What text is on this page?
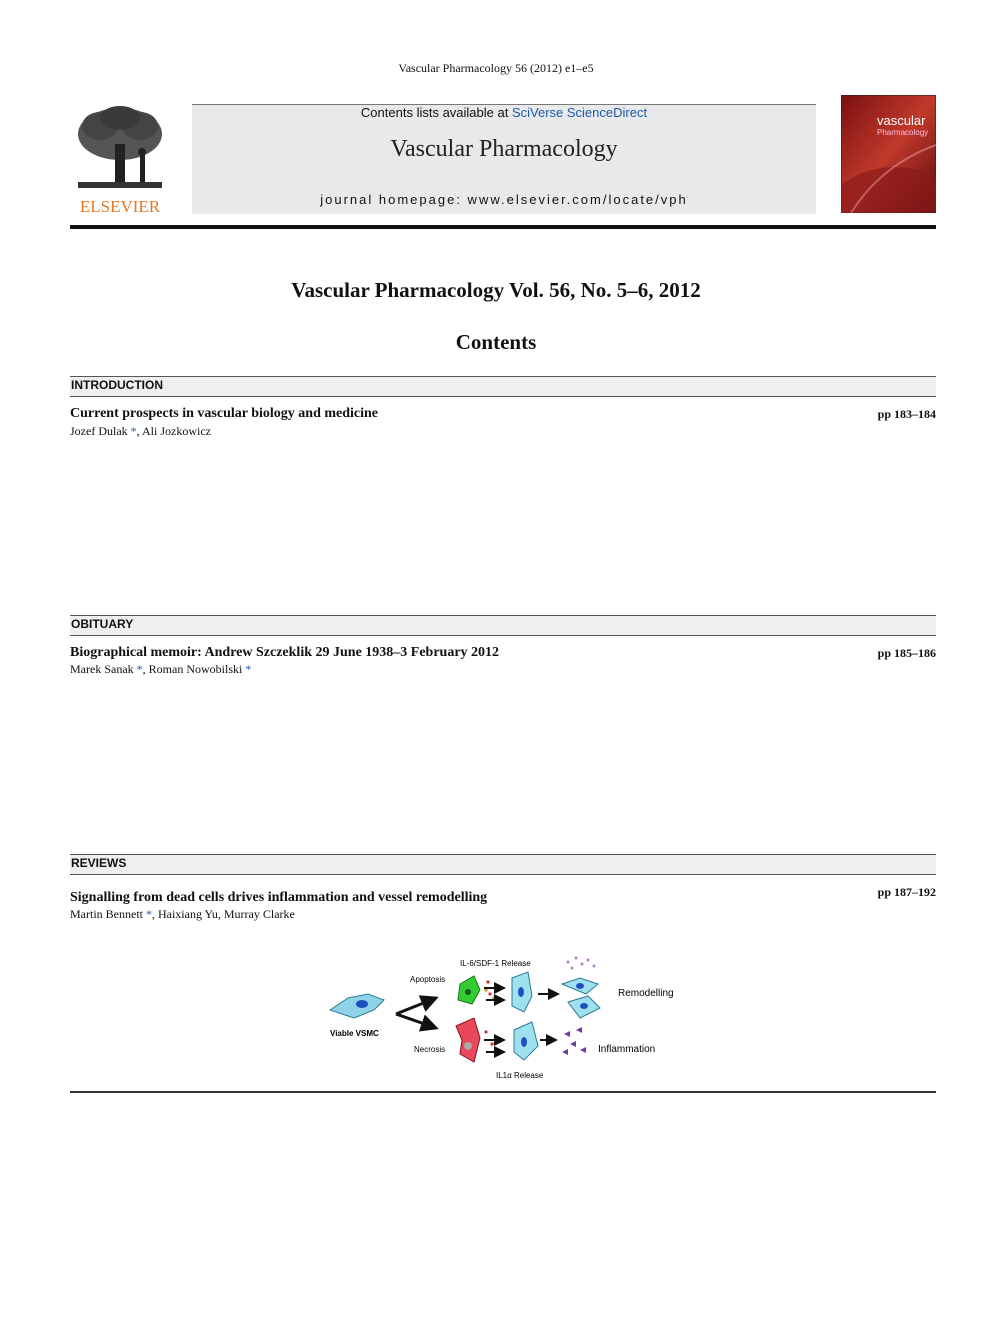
Vascular Pharmacology 56 (2012) e1–e5
ELSEVIER
Contents lists available at SciVerse ScienceDirect
Vascular Pharmacology
journal homepage: www.elsevier.com/locate/vph
vascular
Pharmacology
Vascular Pharmacology Vol. 56, No. 5–6, 2012
Contents
INTRODUCTION
Current prospects in vascular biology and medicine	pp 183–184
Jozef Dulak *, Ali Jozkowicz
OBITUARY
Biographical memoir: Andrew Szczeklik 29 June 1938–3 February 2012	pp 185–186
Marek Sanak *, Roman Nowobilski *
REVIEWS
Signalling from dead cells drives inflammation and vessel remodelling	pp 187–192
Martin Bennett *, Haixiang Yu, Murray Clarke
Viable VSMC
Apoptosis
Necrosis
IL-6/SDF-1 Release
Remodelling
IL1α Release
Inflammation
